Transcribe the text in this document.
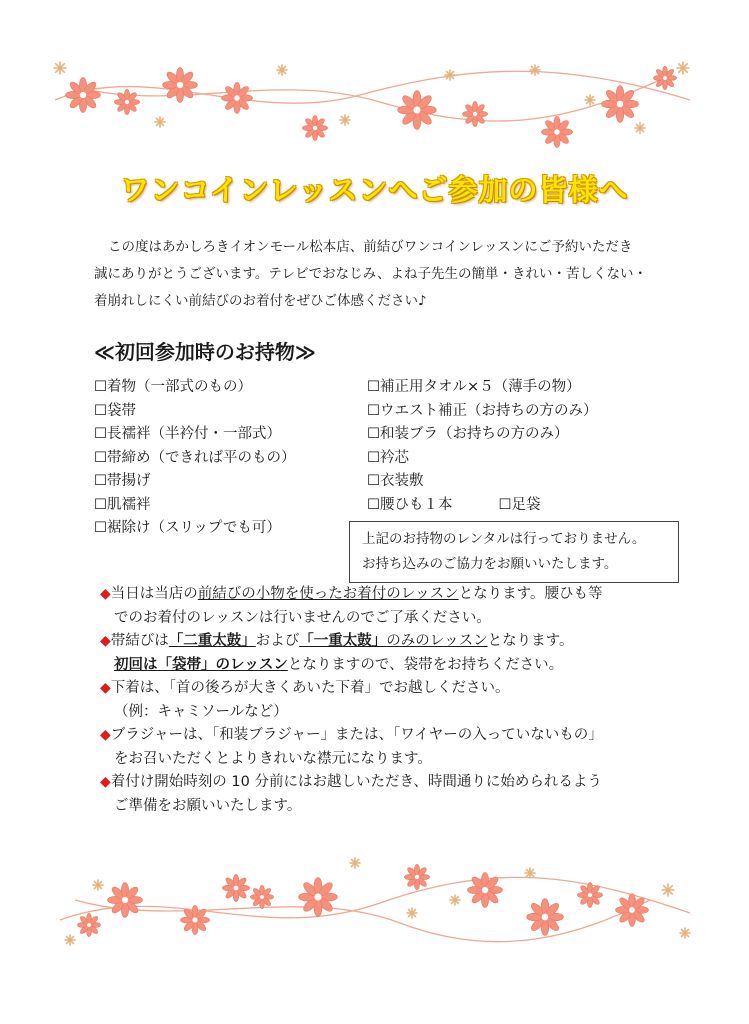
ワンコインレッスンへご参加の皆様へ

この度はあかしろきイオンモール松本店、前結びワンコインレッスンにご予約いただき

誠にありがとうございます。テレビでおなじみ、よね子先生の簡単・きれい・苦しくない・

着崩れしにくい前結びのお着付をぜひご体感ください♪

≪初回参加時のお持物≫
☐着物（一部式のもの）
☐袋帯
☐長襦袢（半衿付・一部式）
☐帯締め（できれば平のもの）
☐帯揚げ
☐肌襦袢
☐裾除け（スリップでも可）
☐補正用タオル×５（薄手の物）
☐ウエスト補正（お持ちの方のみ）
☐和装ブラ（お持ちの方のみ）
☐衿芯
☐衣装敷
☐腰ひも１本	☐足袋

上記のお持物のレンタルは行っておりません。

お持ち込みのご協力をお願いいたします。

◆当日は当店の前結びの小物を使ったお着付のレッスンとなります。腰ひも等
でのお着付のレッスンは行いませんのでご了承ください。
◆帯結びは「二重太鼓」および「一重太鼓」のみのレッスンとなります。
初回は「袋帯」のレッスンとなりますので、袋帯をお持ちください。
◆下着は、「首の後ろが大きくあいた下着」でお越しください。
（例：キャミソールなど）
◆ブラジャーは、「和装ブラジャー」または、「ワイヤーの入っていないもの」
をお召いただくとよりきれいな襟元になります。
◆着付け開始時刻の 10 分前にはお越しいただき、時間通りに始められるよう
ご準備をお願いいたします。
